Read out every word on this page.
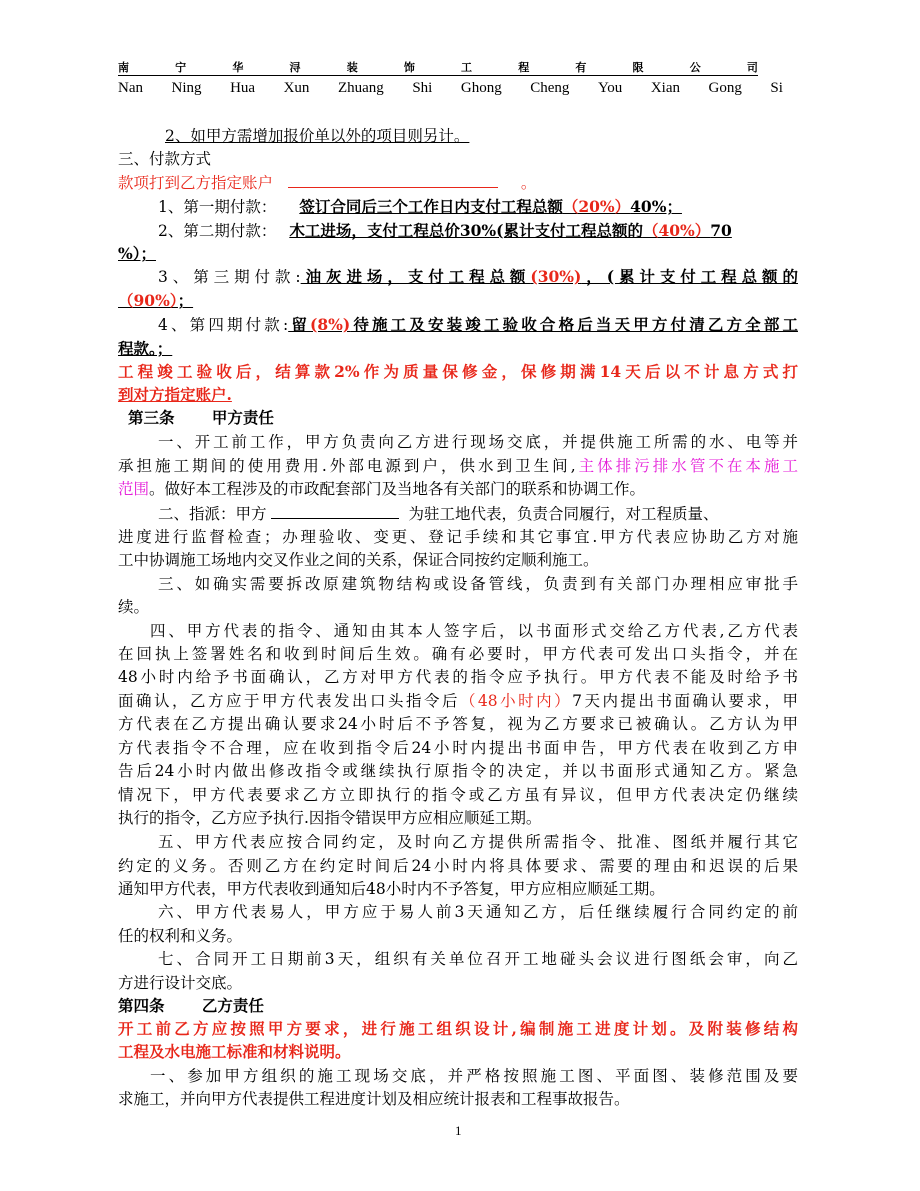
南	宁	华	浔	装	饰	工	程	有	限	公	司
Nan Ning Hua Xun Zhuang Shi Ghong Cheng You Xian Gong Si
2、如甲方需增加报价单以外的项目则另计。
三、付款方式
款项打到乙方指定账户	。
1、第一期付款： 签订合同后三个工作日内支付工程总额（20%）40%；
2、第二期付款： 木工进场，支付工程总价30%(累计支付工程总额的（40%）70
%）；
3、第三期付款:油灰进场，支付工程总额(30%)，(累计支付工程总额的
（90%）；
4、第四期付款:留(8%)待施工及安装竣工验收合格后当天甲方付清乙方全部工
程款。；
工程竣工验收后，结算款2%作为质量保修金，保修期满14天后以不计息方式打
到对方指定账户.
第三条 甲方责任
一、开工前工作，甲方负责向乙方进行现场交底，并提供施工所需的水、电等并
承担施工期间的使用费用.外部电源到户，供水到卫生间,主体排污排水管不在本施工
范围。做好本工程涉及的市政配套部门及当地各有关部门的联系和协调工作。
二、指派：甲方	为驻工地代表，负责合同履行，对工程质量、
进度进行监督检查；办理验收、变更、登记手续和其它事宜.甲方代表应协助乙方对施
工中协调施工场地内交叉作业之间的关系，保证合同按约定顺利施工。
三、如确实需要拆改原建筑物结构或设备管线，负责到有关部门办理相应审批手
续。
四、甲方代表的指令、通知由其本人签字后，以书面形式交给乙方代表,乙方代表
在回执上签署姓名和收到时间后生效。确有必要时，甲方代表可发出口头指令，并在
48小时内给予书面确认，乙方对甲方代表的指令应予执行。甲方代表不能及时给予书
面确认，乙方应于甲方代表发出口头指令后（48小时内）7天内提出书面确认要求，甲
方代表在乙方提出确认要求24小时后不予答复，视为乙方要求已被确认。乙方认为甲
方代表指令不合理，应在收到指令后24小时内提出书面申告，甲方代表在收到乙方申
告后24小时内做出修改指令或继续执行原指令的决定，并以书面形式通知乙方。紧急
情况下，甲方代表要求乙方立即执行的指令或乙方虽有异议，但甲方代表决定仍继续
执行的指令，乙方应予执行.因指令错误甲方应相应顺延工期。
五、甲方代表应按合同约定，及时向乙方提供所需指令、批准、图纸并履行其它
约定的义务。否则乙方在约定时间后24小时内将具体要求、需要的理由和迟误的后果
通知甲方代表，甲方代表收到通知后48小时内不予答复，甲方应相应顺延工期。
六、甲方代表易人，甲方应于易人前3天通知乙方，后任继续履行合同约定的前
任的权利和义务。
七、合同开工日期前3天，组织有关单位召开工地碰头会议进行图纸会审，向乙
方进行设计交底。
第四条 乙方责任
开工前乙方应按照甲方要求，进行施工组织设计,编制施工进度计划。及附装修结构
工程及水电施工标准和材料说明。
一、参加甲方组织的施工现场交底，并严格按照施工图、平面图、装修范围及要
求施工，并向甲方代表提供工程进度计划及相应统计报表和工程事故报告。
1
